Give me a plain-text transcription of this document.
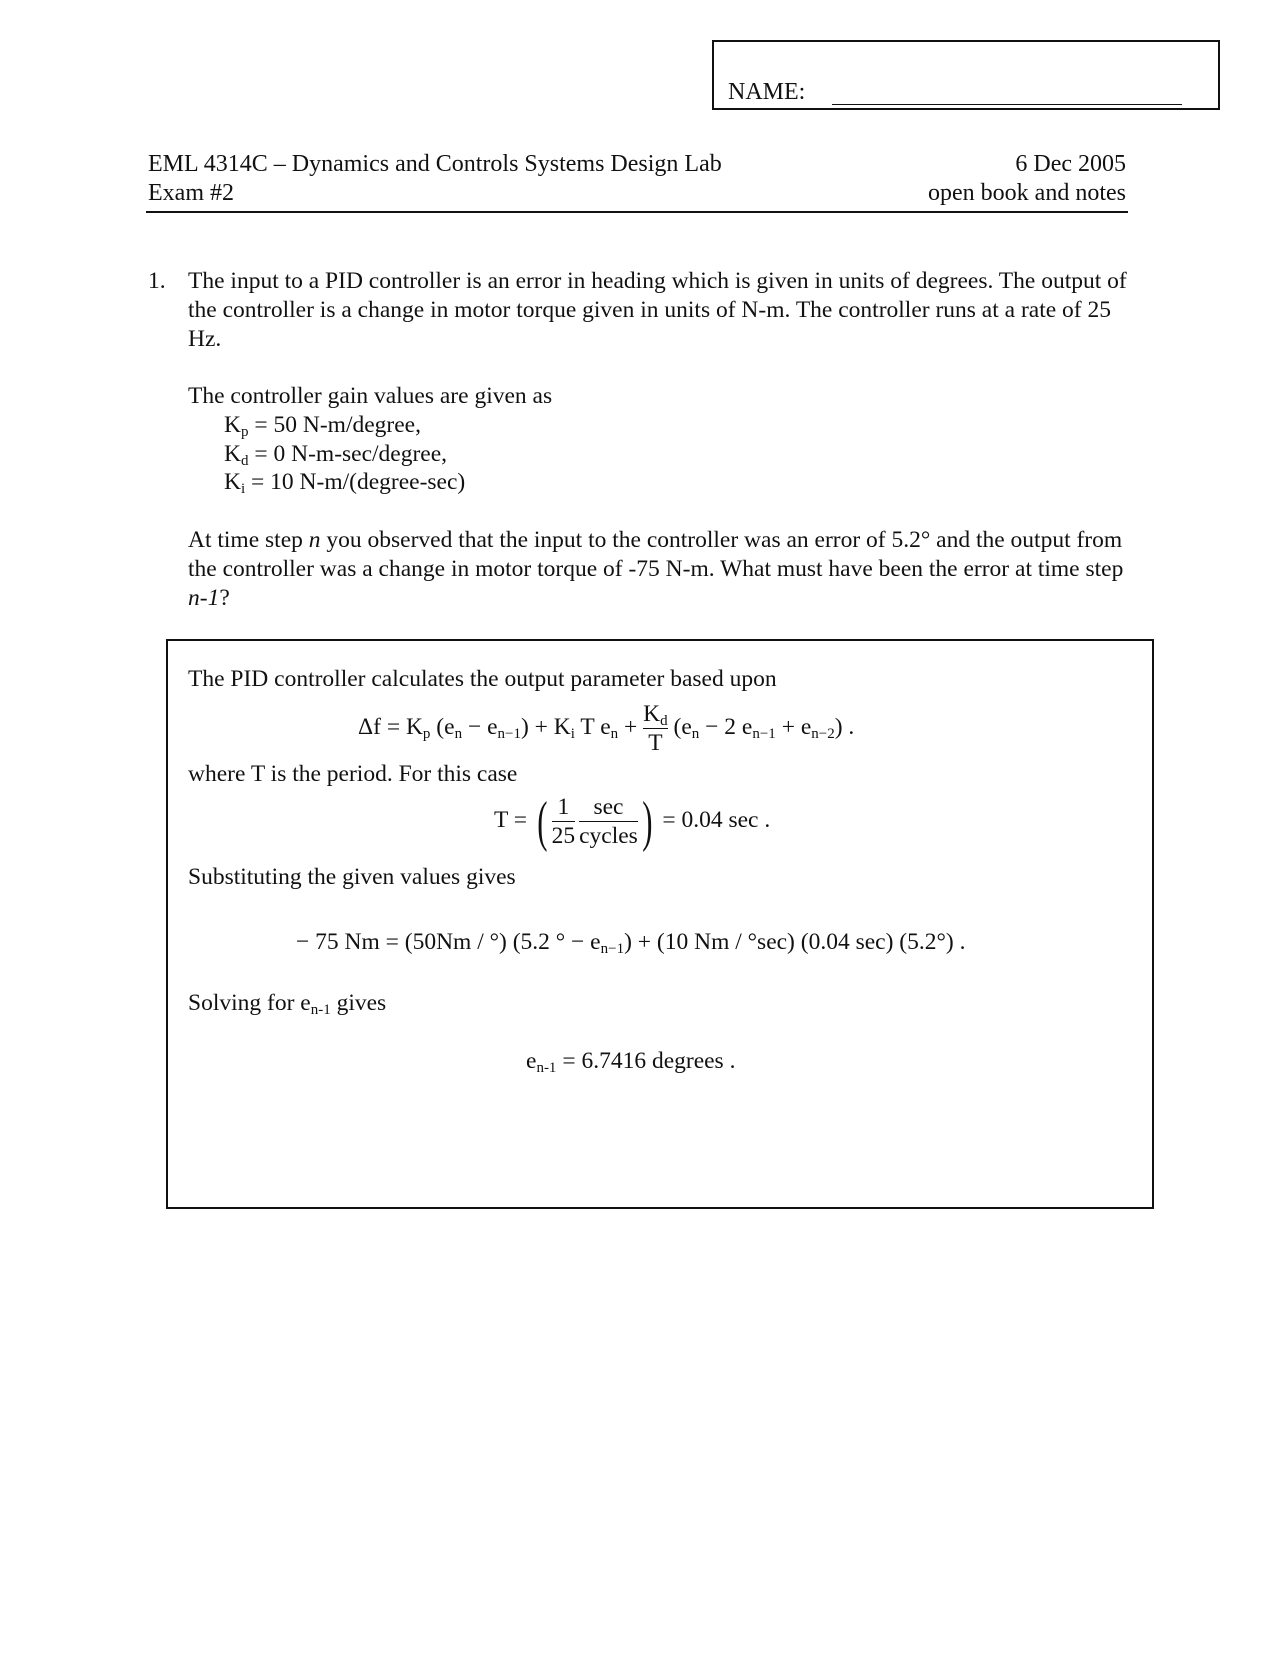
NAME:
EML 4314C – Dynamics and Controls Systems Design Lab
Exam #2
6 Dec 2005
open book and notes
1. The input to a PID controller is an error in heading which is given in units of degrees. The output of the controller is a change in motor torque given in units of N-m. The controller runs at a rate of 25 Hz.
The controller gain values are given as
$K_p = 50$ N-m/degree,
$K_d = 0$ N-m-sec/degree,
$K_i = 10$ N-m/(degree-sec)
At time step n you observed that the input to the controller was an error of 5.2° and the output from the controller was a change in motor torque of -75 N-m. What must have been the error at time step n-1?
The PID controller calculates the output parameter based upon
$\Delta f = K_p$ $(e_n - e_{n-1}) + K_i$ T $e_n + \frac{K_d}{T} (e_n - 2$ $e_{n-1} + e_{n-2}$) .
where T is the period. For this case
T = ( $\frac{1}{25} \frac{\sec}{\text{cycles}}$ ) = 0.04 sec .
Substituting the given values gives
− 75 Nm = (50Nm / °) (5.2 ° − $e_{n-1}) + (10$ Nm / °sec) (0.04 sec) (5.2°) .
Solving for $e_{n-1}$ gives
$e_{n-1} = 6.7416$ degrees .
